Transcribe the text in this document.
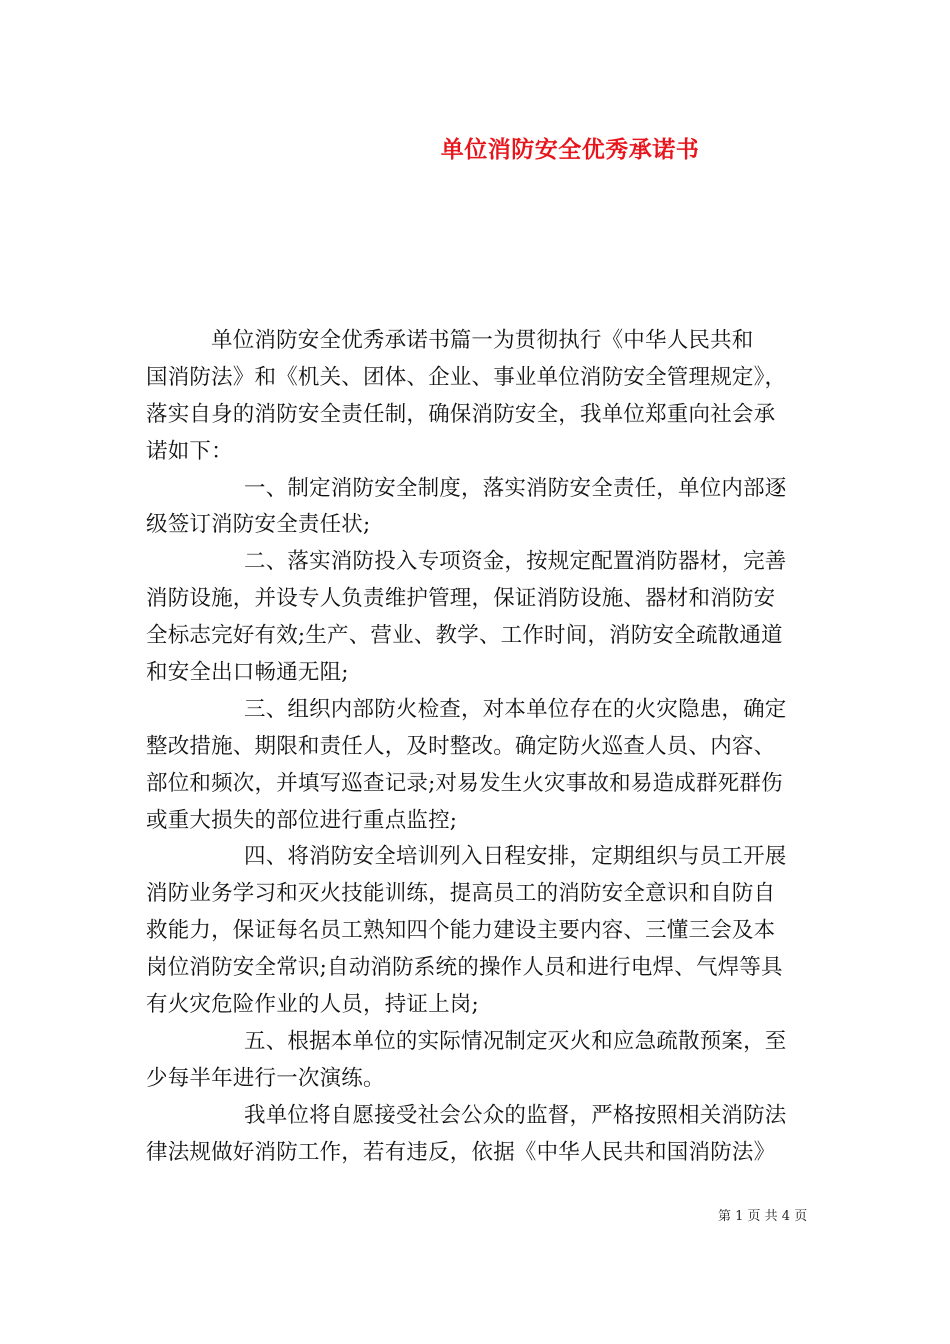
单位消防安全优秀承诺书
单位消防安全优秀承诺书篇一为贯彻执行《中华人民共和
国消防法》和《机关、团体、企业、事业单位消防安全管理规定》，
落实自身的消防安全责任制，确保消防安全，我单位郑重向社会承
诺如下：
一、制定消防安全制度，落实消防安全责任，单位内部逐
级签订消防安全责任状;
二、落实消防投入专项资金，按规定配置消防器材，完善
消防设施，并设专人负责维护管理，保证消防设施、器材和消防安
全标志完好有效;生产、营业、教学、工作时间，消防安全疏散通道
和安全出口畅通无阻;
三、组织内部防火检查，对本单位存在的火灾隐患，确定
整改措施、期限和责任人，及时整改。确定防火巡查人员、内容、
部位和频次，并填写巡查记录;对易发生火灾事故和易造成群死群伤
或重大损失的部位进行重点监控;
四、将消防安全培训列入日程安排，定期组织与员工开展
消防业务学习和灭火技能训练，提高员工的消防安全意识和自防自
救能力，保证每名员工熟知四个能力建设主要内容、三懂三会及本
岗位消防安全常识;自动消防系统的操作人员和进行电焊、气焊等具
有火灾危险作业的人员，持证上岗;
五、根据本单位的实际情况制定灭火和应急疏散预案，至
少每半年进行一次演练。
我单位将自愿接受社会公众的监督，严格按照相关消防法
律法规做好消防工作，若有违反，依据《中华人民共和国消防法》
第 1 页 共 4 页
